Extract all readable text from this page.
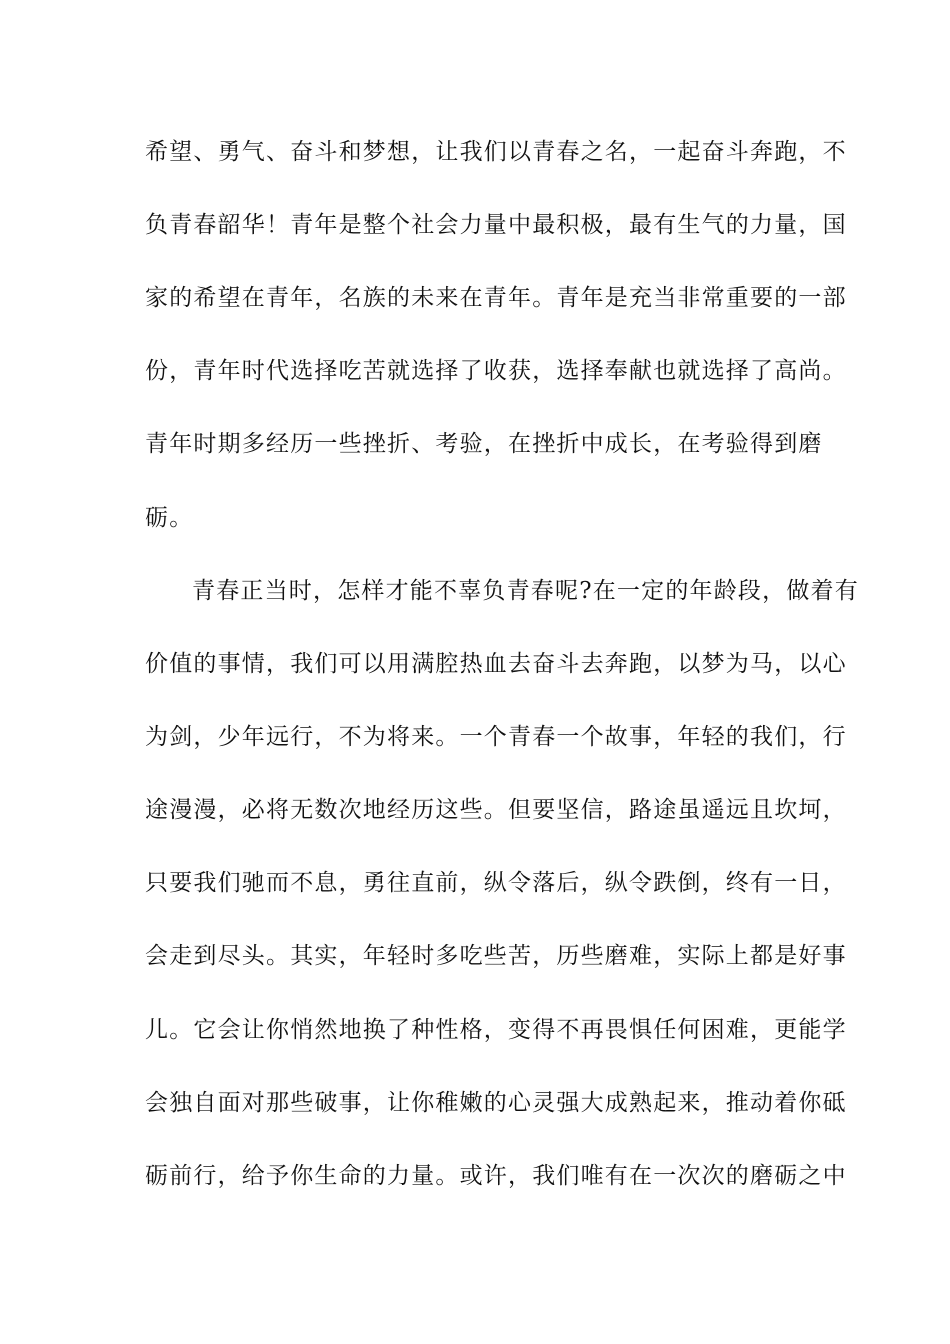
希望、勇气、奋斗和梦想，让我们以青春之名，一起奋斗奔跑，不
负青春韶华！青年是整个社会力量中最积极，最有生气的力量，国
家的希望在青年，名族的未来在青年。青年是充当非常重要的一部
份，青年时代选择吃苦就选择了收获，选择奉献也就选择了高尚。
青年时期多经历一些挫折、考验，在挫折中成长，在考验得到磨
砺。
青春正当时，怎样才能不辜负青春呢?在一定的年龄段，做着有
价值的事情，我们可以用满腔热血去奋斗去奔跑，以梦为马，以心
为剑，少年远行，不为将来。一个青春一个故事，年轻的我们，行
途漫漫，必将无数次地经历这些。但要坚信，路途虽遥远且坎坷，
只要我们驰而不息，勇往直前，纵令落后，纵令跌倒，终有一日，
会走到尽头。其实，年轻时多吃些苦，历些磨难，实际上都是好事
儿。它会让你悄然地换了种性格，变得不再畏惧任何困难，更能学
会独自面对那些破事，让你稚嫩的心灵强大成熟起来，推动着你砥
砺前行，给予你生命的力量。或许，我们唯有在一次次的磨砺之中
